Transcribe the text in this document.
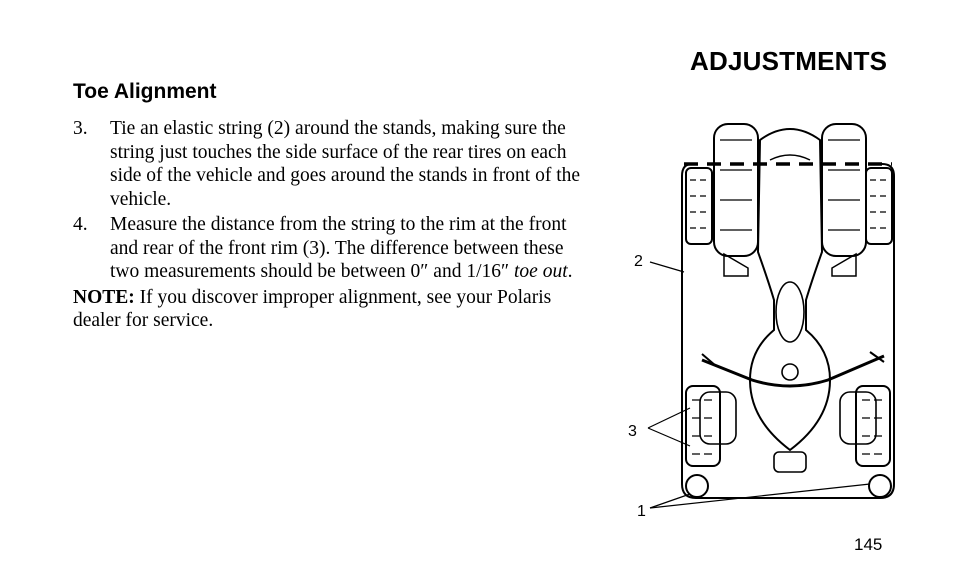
ADJUSTMENTS
Toe Alignment
3. Tie an elastic string (2) around the stands, making sure the string just touches the side surface of the rear tires on each side of the vehicle and goes around the stands in front of the vehicle.
4. Measure the distance from the string to the rim at the front and rear of the front rim (3). The difference between these two measurements should be between 0″ and 1/16″ toe out.
NOTE: If you discover improper alignment, see your Polaris dealer for service.
2
3
1
145
